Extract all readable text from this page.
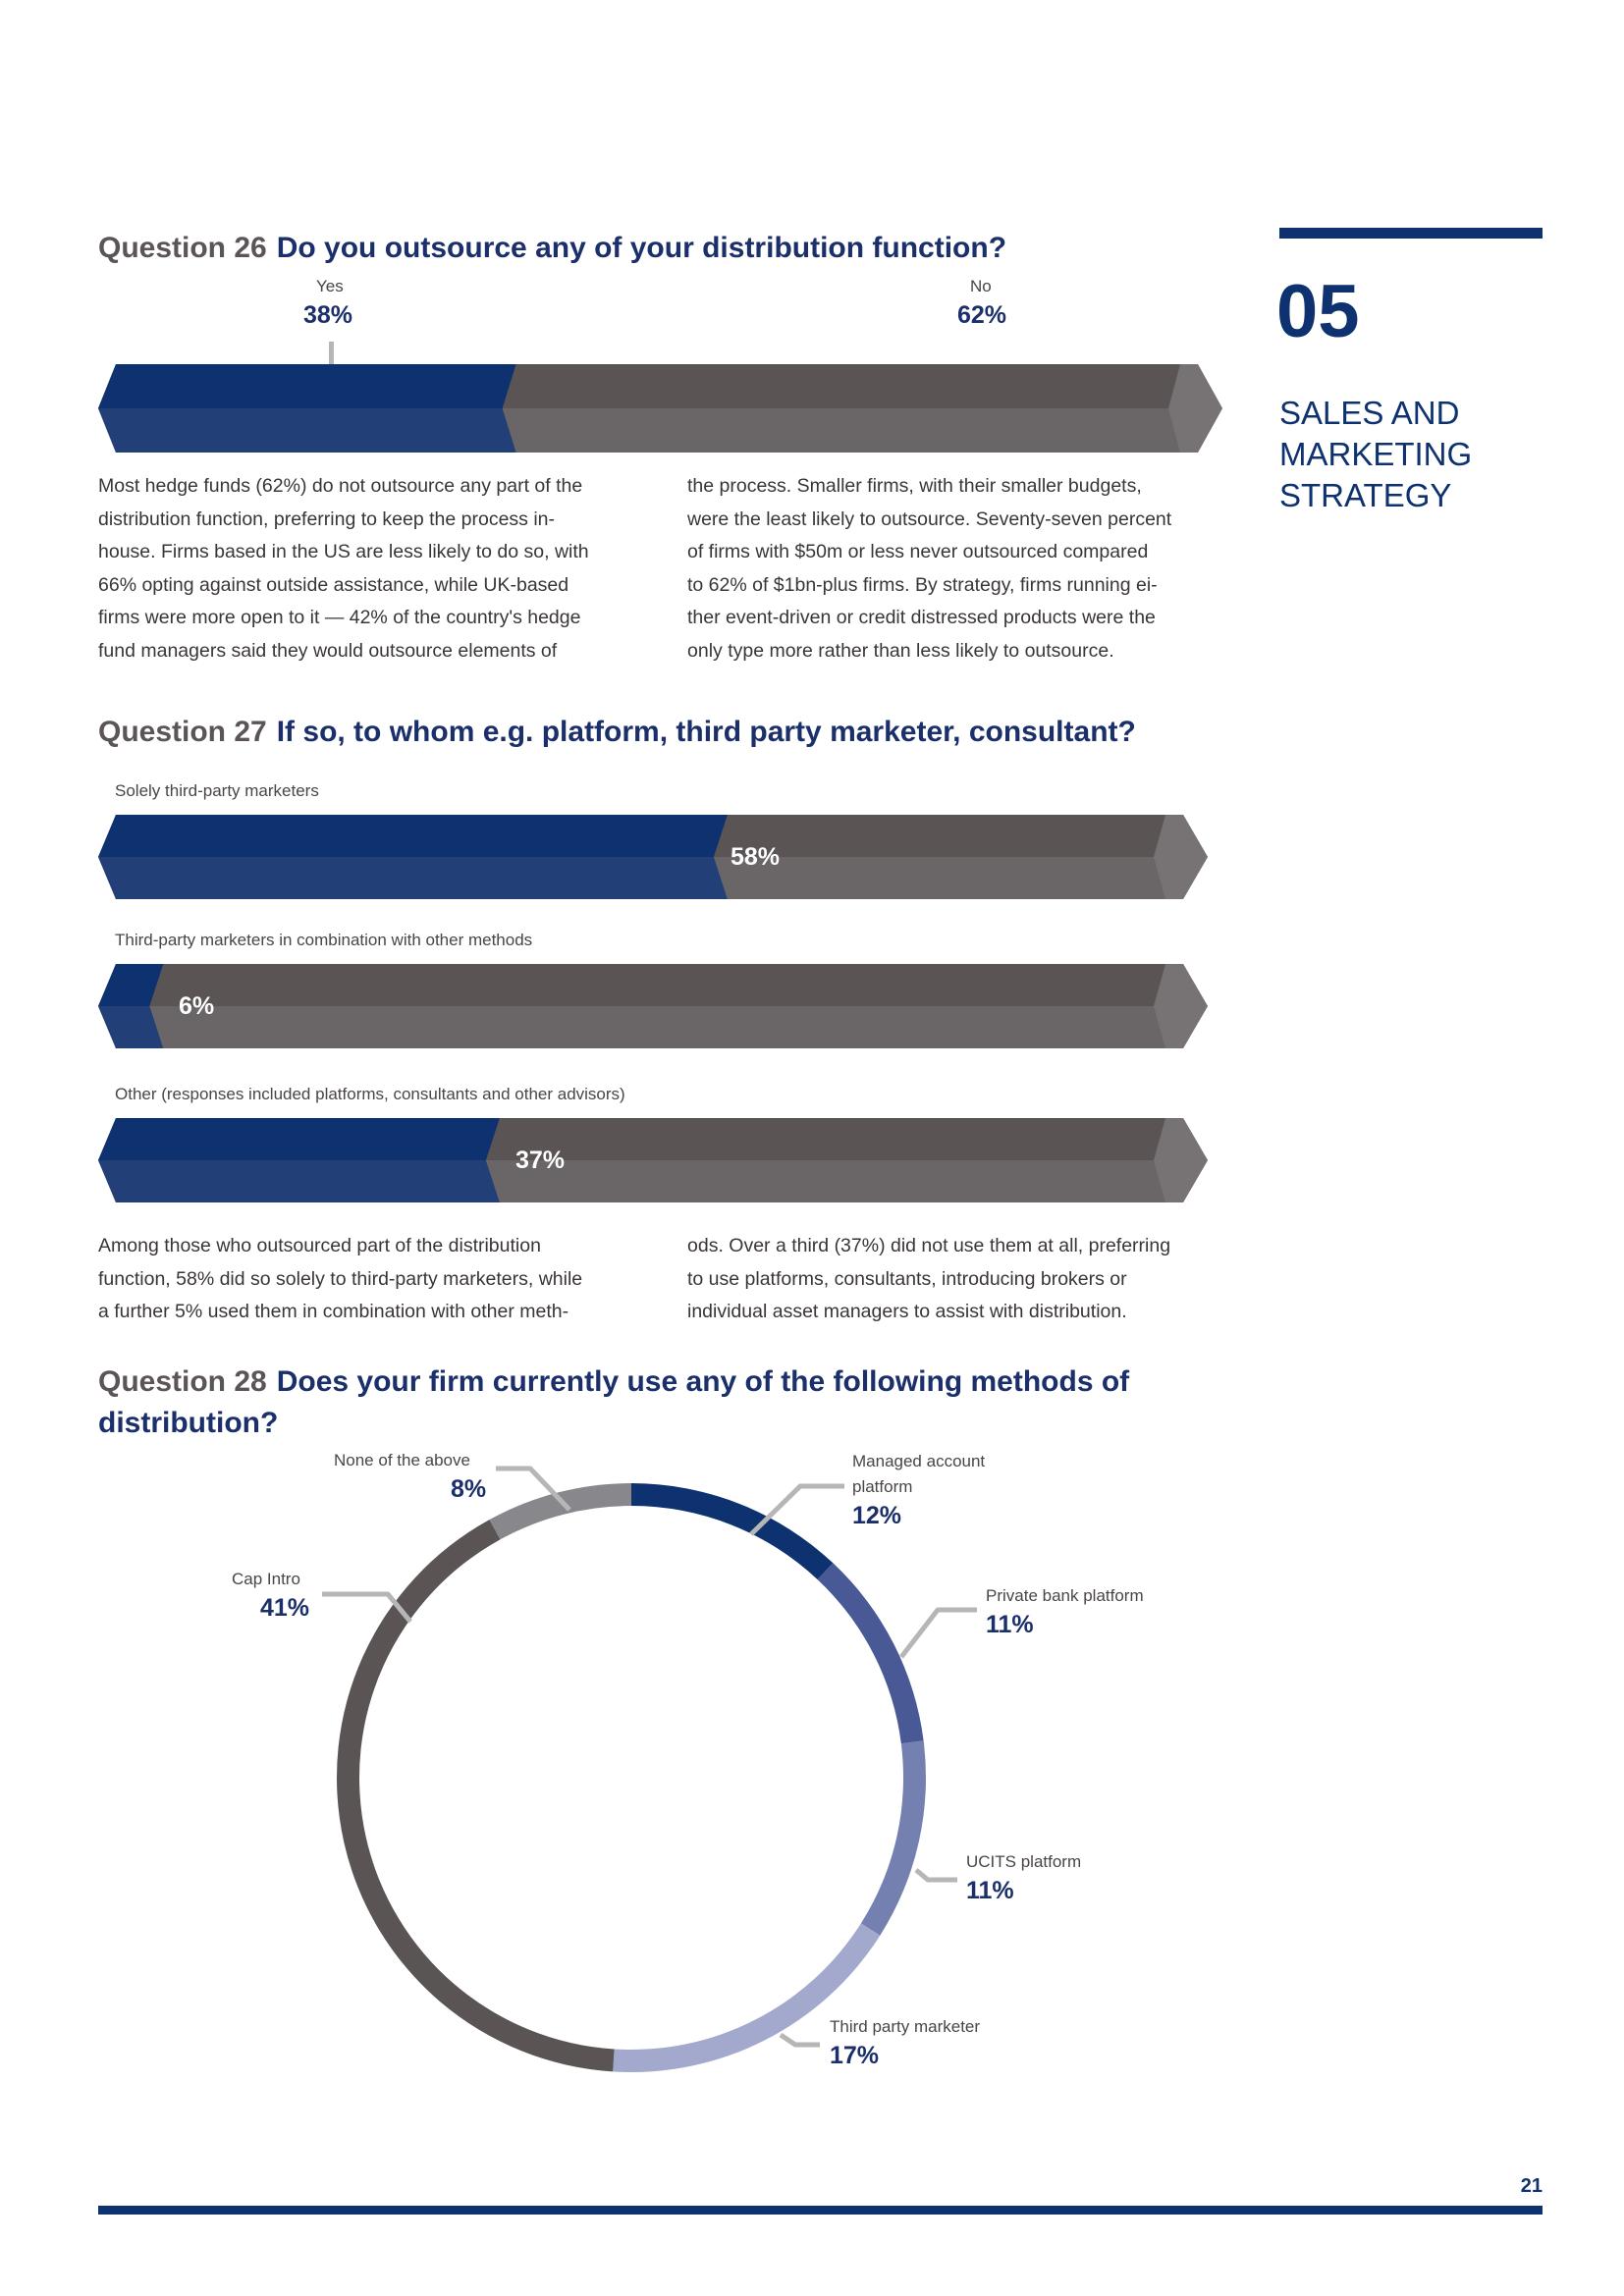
05
SALES AND
MARKETING
STRATEGY
Question 26 Do you outsource any of your distribution function?
Yes
38%
No
62%
Most hedge funds (62%) do not outsource any part of the
distribution function, preferring to keep the process in-
house. Firms based in the US are less likely to do so, with
66% opting against outside assistance, while UK-based
firms were more open to it — 42% of the country's hedge
fund managers said they would outsource elements of
the process. Smaller firms, with their smaller budgets,
were the least likely to outsource. Seventy-seven percent
of firms with $50m or less never outsourced compared
to 62% of $1bn-plus firms. By strategy, firms running ei-
ther event-driven or credit distressed products were the
only type more rather than less likely to outsource.
Question 27 If so, to whom e.g. platform, third party marketer, consultant?
Solely third-party marketers
58%
Third-party marketers in combination with other methods
6%
Other (responses included platforms, consultants and other advisors)
37%
Among those who outsourced part of the distribution
function, 58% did so solely to third-party marketers, while
a further 5% used them in combination with other meth-
ods. Over a third (37%) did not use them at all, preferring
to use platforms, consultants, introducing brokers or
individual asset managers to assist with distribution.
Question 28 Does your firm currently use any of the following methods of
distribution?
None of the above
8%
Managed account
platform
12%
Private bank platform
11%
UCITS platform
11%
Third party marketer
17%
Cap Intro
41%
21
